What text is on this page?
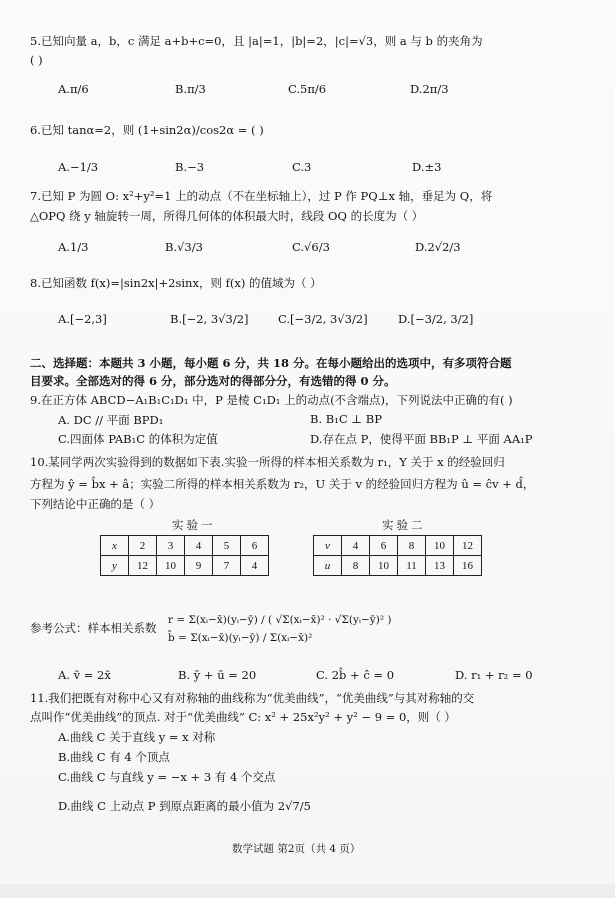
5.已知向量 a，b，c 满足 a+b+c=0，且 |a|=1，|b|=2，|c|=√3，则 a 与 b 的夹角为
( )
A.π/6	B.π/3	C.5π/6	D.2π/3
6.已知 tanα=2，则 (1+sin2α)/cos2α = ( )
A.−1/3	B.−3	C.3	D.±3
7.已知 P 为圆 O: x²+y²=1 上的动点（不在坐标轴上），过 P 作 PQ⊥x 轴，垂足为 Q，将
△OPQ 绕 y 轴旋转一周，所得几何体的体积最大时，线段 OQ 的长度为（ ）
A.1/3	B.√3/3	C.√6/3	D.2√2/3
8.已知函数 f(x)=|sin2x|+2sinx，则 f(x) 的值域为（ ）
A.[−2,3]	B.[−2, 3√3/2]	C.[−3/2, 3√3/2]	D.[−3/2, 3/2]
二、选择题：本题共 3 小题，每小题 6 分，共 18 分。在每小题给出的选项中，有多项符合题
目要求。全部选对的得 6 分，部分选对的得部分分，有选错的得 0 分。
9.在正方体 ABCD−A₁B₁C₁D₁ 中，P 是棱 C₁D₁ 上的动点(不含端点)，下列说法中正确的有( )
A. DC // 平面 BPD₁	B. B₁C ⊥ BP
C.四面体 PAB₁C 的体积为定值	D.存在点 P，使得平面 BB₁P ⊥ 平面 AA₁P
10.某同学两次实验得到的数据如下表.实验一所得的样本相关系数为 r₁，Y 关于 x 的经验回归
方程为 ŷ = b̂x + â；实验二所得的样本相关系数为 r₂，U 关于 v 的经验回归方程为 û = ĉv + d̂，
下列结论中正确的是（ ）
实验一	实验二
x	2	3	4	5	6
y	12	10	9	7	4
v	4	6	8	10	12
u	8	10	11	13	16
参考公式：样本相关系数
r = Σ(xᵢ−x̄)(yᵢ−ȳ) / ( √Σ(xᵢ−x̄)² · √Σ(yᵢ−ȳ)² )
b̂ = Σ(xᵢ−x̄)(yᵢ−ȳ) / Σ(xᵢ−x̄)²
A. v̄ = 2x̄	B. ȳ + ū = 20	C. 2b̂ + ĉ = 0	D. r₁ + r₂ = 0
11.我们把既有对称中心又有对称轴的曲线称为“优美曲线”，“优美曲线”与其对称轴的交
点叫作“优美曲线”的顶点. 对于“优美曲线” C: x² + 25x²y² + y² − 9 = 0，则（ ）
A.曲线 C 关于直线 y = x 对称
B.曲线 C 有 4 个顶点
C.曲线 C 与直线 y = −x + 3 有 4 个交点
D.曲线 C 上动点 P 到原点距离的最小值为 2√7/5
数学试题 第2页（共 4 页）
